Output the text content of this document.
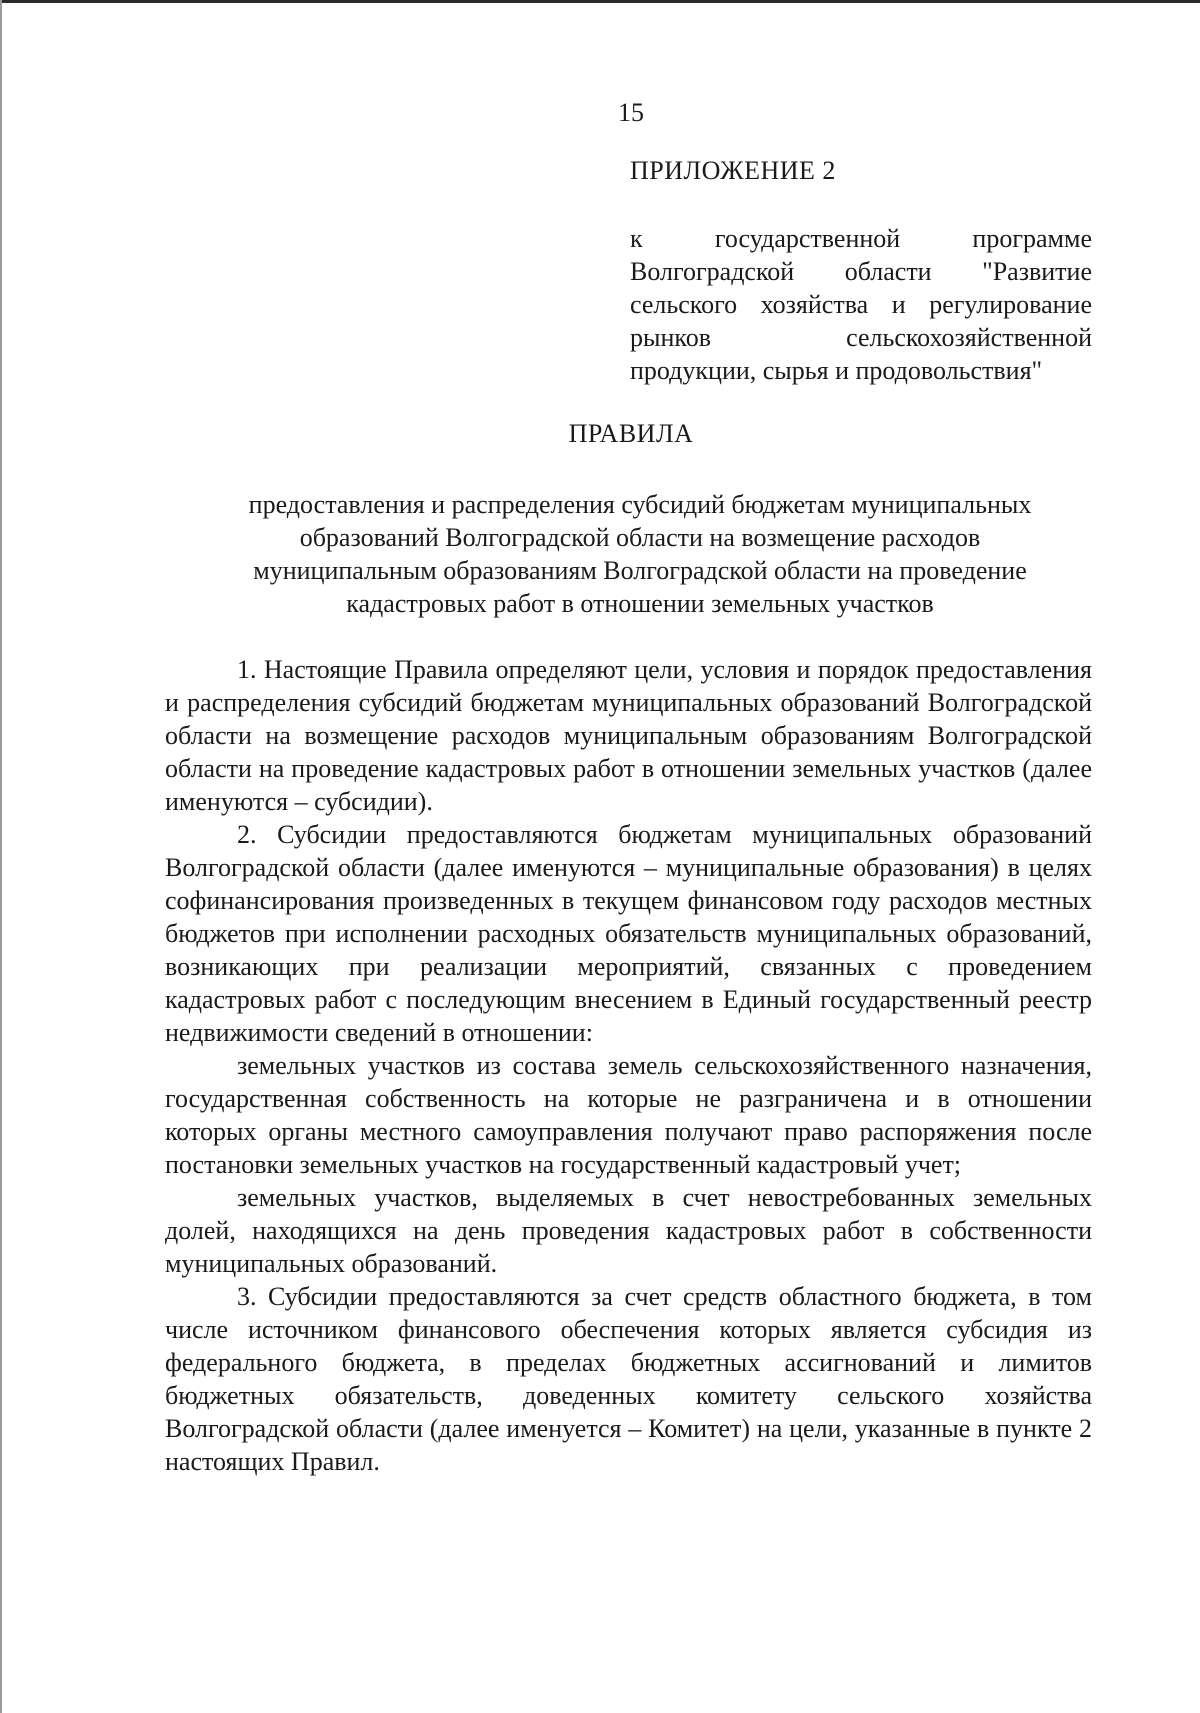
15
ПРИЛОЖЕНИЕ 2
к государственной программе Волгоградской области "Развитие сельского хозяйства и регулирование рынков сельскохозяйственной продукции, сырья и продовольствия"
ПРАВИЛА
предоставления и распределения субсидий бюджетам муниципальных
образований Волгоградской области на возмещение расходов
муниципальным образованиям Волгоградской области на проведение
кадастровых работ в отношении земельных участков

1. Настоящие Правила определяют цели, условия и порядок предоставления и распределения субсидий бюджетам муниципальных образований Волгоградской области на возмещение расходов муниципальным образованиям Волгоградской области на проведение кадастровых работ в отношении земельных участков (далее именуются – субсидии).

2. Субсидии предоставляются бюджетам муниципальных образований Волгоградской области (далее именуются – муниципальные образования) в целях софинансирования произведенных в текущем финансовом году расходов местных бюджетов при исполнении расходных обязательств муниципальных образований, возникающих при реализации мероприятий, связанных с проведением кадастровых работ с последующим внесением в Единый государственный реестр недвижимости сведений в отношении:

земельных участков из состава земель сельскохозяйственного назначения, государственная собственность на которые не разграничена и в отношении которых органы местного самоуправления получают право распоряжения после постановки земельных участков на государственный кадастровый учет;

земельных участков, выделяемых в счет невостребованных земельных долей, находящихся на день проведения кадастровых работ в собственности муниципальных образований.

3. Субсидии предоставляются за счет средств областного бюджета, в том числе источником финансового обеспечения которых является субсидия из федерального бюджета, в пределах бюджетных ассигнований и лимитов бюджетных обязательств, доведенных комитету сельского хозяйства Волгоградской области (далее именуется – Комитет) на цели, указанные в пункте 2 настоящих Правил.
